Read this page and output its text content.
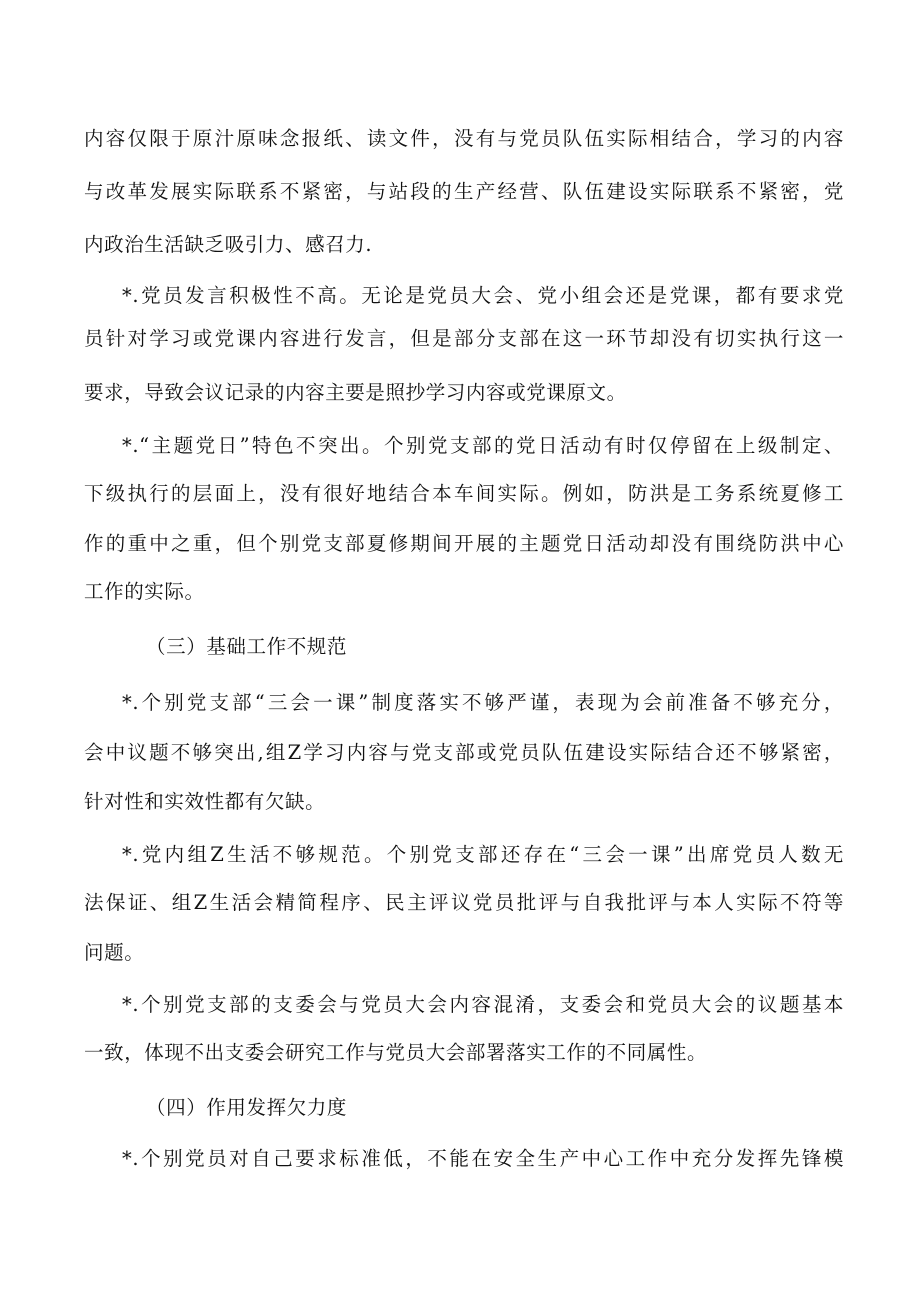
内容仅限于原汁原味念报纸、读文件，没有与党员队伍实际相结合，学习的内容
与改革发展实际联系不紧密，与站段的生产经营、队伍建设实际联系不紧密，党
内政治生活缺乏吸引力、感召力.
*.党员发言积极性不高。无论是党员大会、党小组会还是党课，都有要求党
员针对学习或党课内容进行发言，但是部分支部在这一环节却没有切实执行这一
要求，导致会议记录的内容主要是照抄学习内容或党课原文。
*.“主题党日”特色不突出。个别党支部的党日活动有时仅停留在上级制定、
下级执行的层面上，没有很好地结合本车间实际。例如，防洪是工务系统夏修工
作的重中之重，但个别党支部夏修期间开展的主题党日活动却没有围绕防洪中心
工作的实际。
（三）基础工作不规范
*.个别党支部“三会一课”制度落实不够严谨，表现为会前准备不够充分，
会中议题不够突出,组Z学习内容与党支部或党员队伍建设实际结合还不够紧密，
针对性和实效性都有欠缺。
*.党内组Z生活不够规范。个别党支部还存在“三会一课”出席党员人数无
法保证、组Z生活会精简程序、民主评议党员批评与自我批评与本人实际不符等
问题。
*.个别党支部的支委会与党员大会内容混淆，支委会和党员大会的议题基本
一致，体现不出支委会研究工作与党员大会部署落实工作的不同属性。
（四）作用发挥欠力度
*.个别党员对自己要求标准低，不能在安全生产中心工作中充分发挥先锋模
